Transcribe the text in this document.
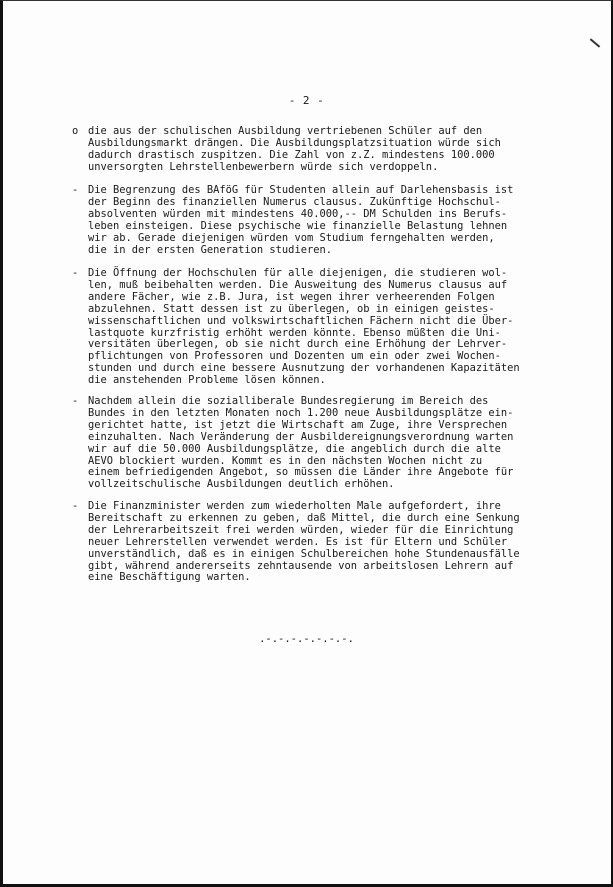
- 2 -
o die aus der schulischen Ausbildung vertriebenen Schüler auf den
Ausbildungsmarkt drängen. Die Ausbildungsplatzsituation würde sich
dadurch drastisch zuspitzen. Die Zahl von z.Z. mindestens 100.000
unversorgten Lehrstellenbewerbern würde sich verdoppeln.
- Die Begrenzung des BAföG für Studenten allein auf Darlehensbasis ist
der Beginn des finanziellen Numerus clausus. Zukünftige Hochschul-
absolventen würden mit mindestens 40.000,-- DM Schulden ins Berufs-
leben einsteigen. Diese psychische wie finanzielle Belastung lehnen
wir ab. Gerade diejenigen würden vom Studium ferngehalten werden,
die in der ersten Generation studieren.
- Die Öffnung der Hochschulen für alle diejenigen, die studieren wol-
len, muß beibehalten werden. Die Ausweitung des Numerus clausus auf
andere Fächer, wie z.B. Jura, ist wegen ihrer verheerenden Folgen
abzulehnen. Statt dessen ist zu überlegen, ob in einigen geistes-
wissenschaftlichen und volkswirtschaftlichen Fächern nicht die Über-
lastquote kurzfristig erhöht werden könnte. Ebenso müßten die Uni-
versitäten überlegen, ob sie nicht durch eine Erhöhung der Lehrver-
pflichtungen von Professoren und Dozenten um ein oder zwei Wochen-
stunden und durch eine bessere Ausnutzung der vorhandenen Kapazitäten
die anstehenden Probleme lösen können.
- Nachdem allein die sozialliberale Bundesregierung im Bereich des
Bundes in den letzten Monaten noch 1.200 neue Ausbildungsplätze ein-
gerichtet hatte, ist jetzt die Wirtschaft am Zuge, ihre Versprechen
einzuhalten. Nach Veränderung der Ausbildereignungsverordnung warten
wir auf die 50.000 Ausbildungsplätze, die angeblich durch die alte
AEVO blockiert wurden. Kommt es in den nächsten Wochen nicht zu
einem befriedigenden Angebot, so müssen die Länder ihre Angebote für
vollzeitschulische Ausbildungen deutlich erhöhen.
- Die Finanzminister werden zum wiederholten Male aufgefordert, ihre
Bereitschaft zu erkennen zu geben, daß Mittel, die durch eine Senkung
der Lehrerarbeitszeit frei werden würden, wieder für die Einrichtung
neuer Lehrerstellen verwendet werden. Es ist für Eltern und Schüler
unverständlich, daß es in einigen Schulbereichen hohe Stundenausfälle
gibt, während andererseits zehntausende von arbeitslosen Lehrern auf
eine Beschäftigung warten.
.-.-.-.-.-.-.-.
